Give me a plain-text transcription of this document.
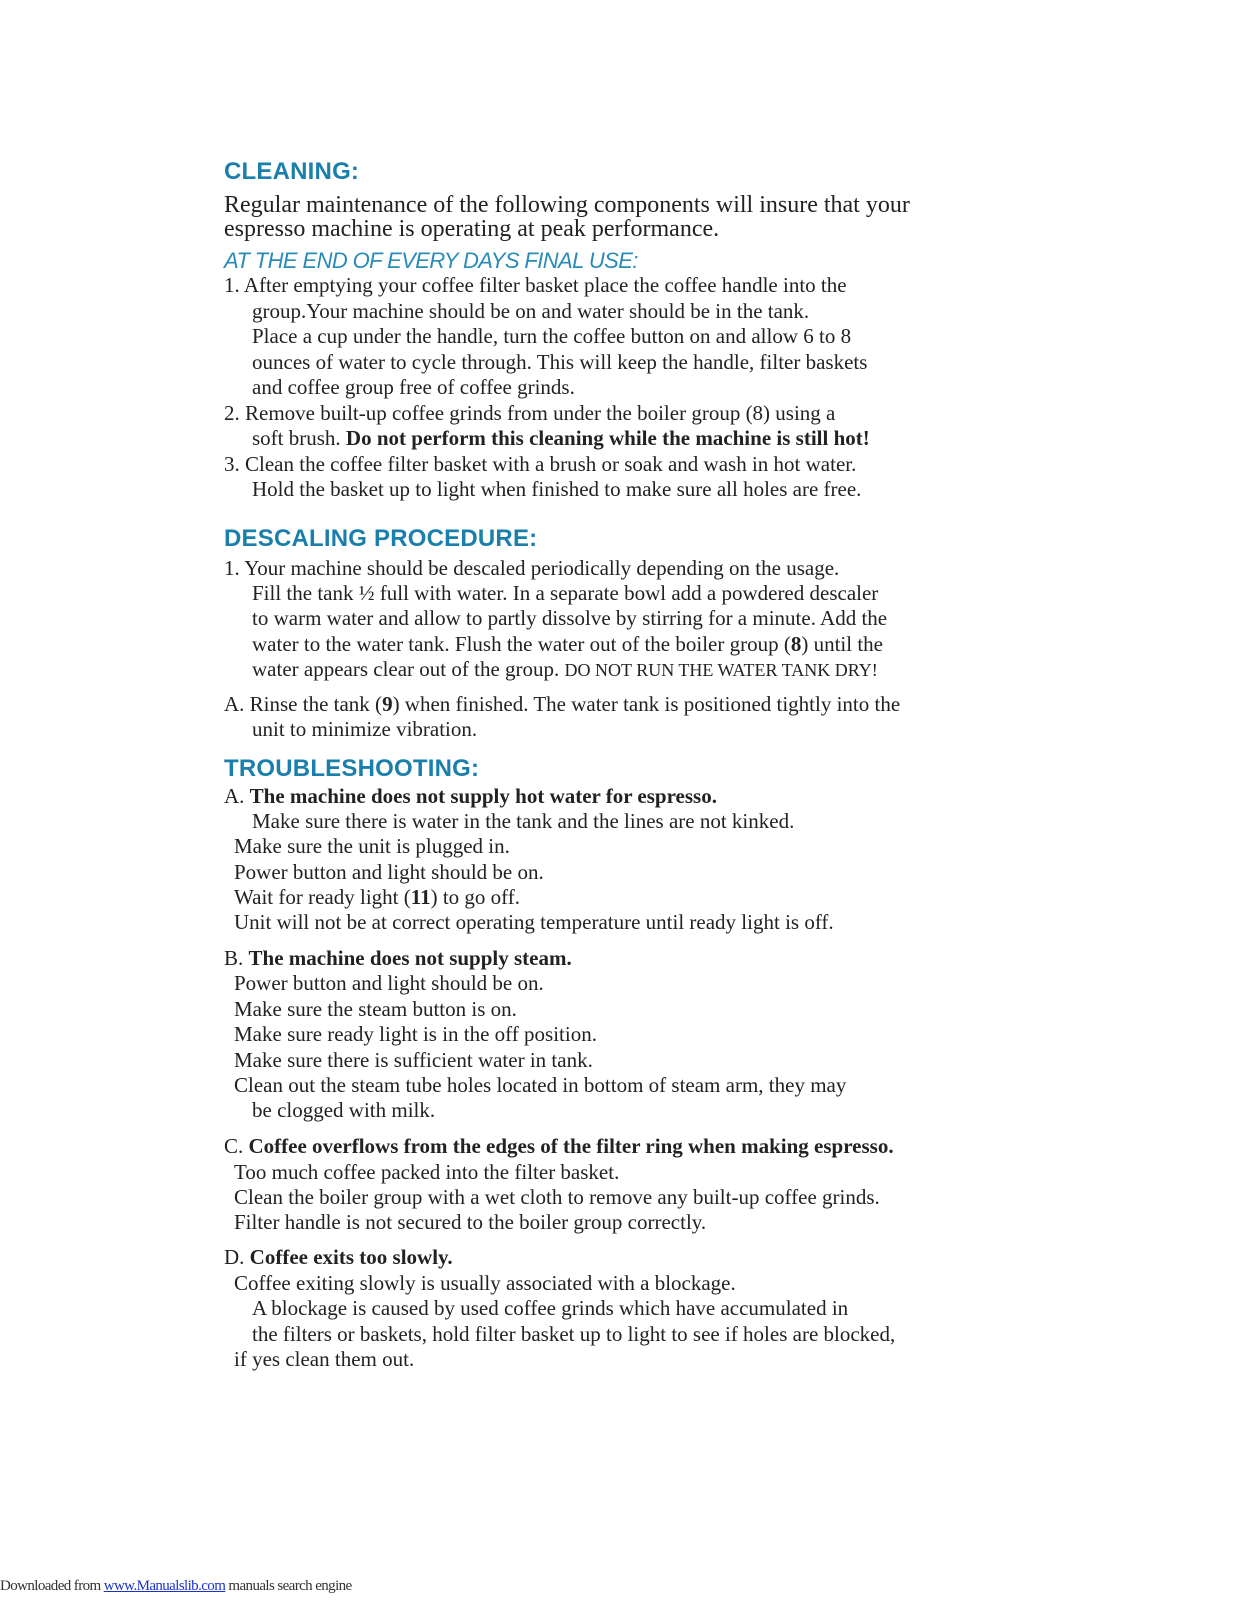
CLEANING:
Regular maintenance of the following components will insure that your
espresso machine is operating at peak performance.
AT THE END OF EVERY DAYS FINAL USE:
1. After emptying your coffee filter basket place the coffee handle into the
group.Your machine should be on and water should be in the tank.
Place a cup under the handle, turn the coffee button on and allow 6 to 8
ounces of water to cycle through. This will keep the handle, filter baskets
and coffee group free of coffee grinds.
2. Remove built-up coffee grinds from under the boiler group (8) using a
soft brush. Do not perform this cleaning while the machine is still hot!
3. Clean the coffee filter basket with a brush or soak and wash in hot water.
Hold the basket up to light when finished to make sure all holes are free.
DESCALING PROCEDURE:
1. Your machine should be descaled periodically depending on the usage.
Fill the tank ½ full with water. In a separate bowl add a powdered descaler
to warm water and allow to partly dissolve by stirring for a minute. Add the
water to the water tank. Flush the water out of the boiler group (8) until the
water appears clear out of the group. DO NOT RUN THE WATER TANK DRY!
A. Rinse the tank (9) when finished. The water tank is positioned tightly into the
unit to minimize vibration.
TROUBLESHOOTING:
A. The machine does not supply hot water for espresso.
Make sure there is water in the tank and the lines are not kinked.
Make sure the unit is plugged in.
Power button and light should be on.
Wait for ready light (11) to go off.
Unit will not be at correct operating temperature until ready light is off.
B. The machine does not supply steam.
Power button and light should be on.
Make sure the steam button is on.
Make sure ready light is in the off position.
Make sure there is sufficient water in tank.
Clean out the steam tube holes located in bottom of steam arm, they may
be clogged with milk.
C. Coffee overflows from the edges of the filter ring when making espresso.
Too much coffee packed into the filter basket.
Clean the boiler group with a wet cloth to remove any built-up coffee grinds.
Filter handle is not secured to the boiler group correctly.
D. Coffee exits too slowly.
Coffee exiting slowly is usually associated with a blockage.
A blockage is caused by used coffee grinds which have accumulated in
the filters or baskets, hold filter basket up to light to see if holes are blocked,
if yes clean them out.
Downloaded from www.Manualslib.com manuals search engine
